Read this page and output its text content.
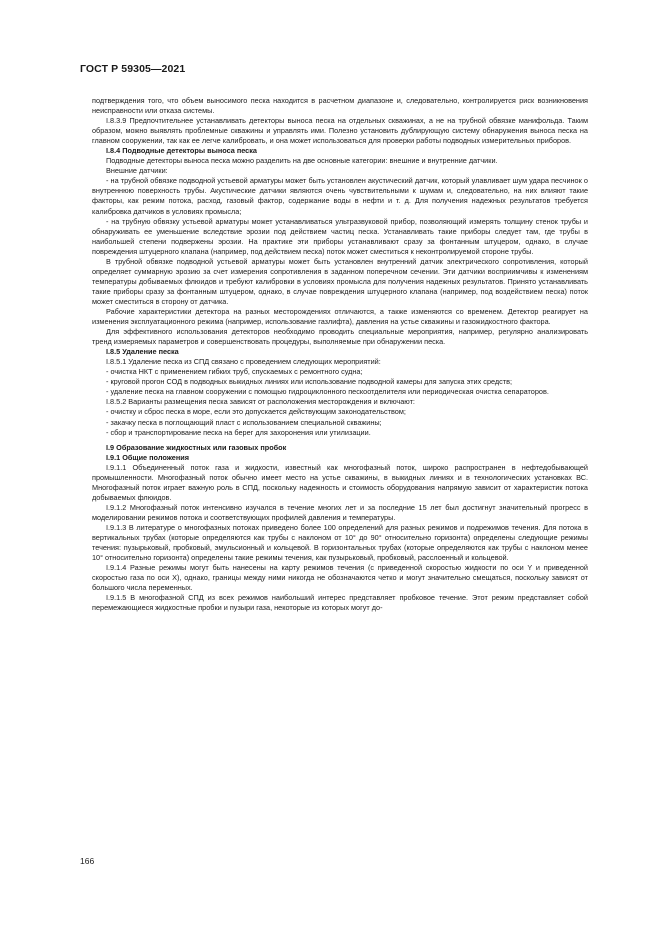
ГОСТ Р 59305—2021

подтверждения того, что объем выносимого песка находится в расчетном диапазоне и, следовательно, контролируется риск возникновения неисправности или отказа системы.

I.8.3.9 Предпочтительнее устанавливать детекторы выноса песка на отдельных скважинах, а не на трубной обвязке манифольда. Таким образом, можно выявлять проблемные скважины и управлять ими. Полезно установить дублирующую систему обнаружения выноса песка на главном сооружении, так как ее легче калибровать, и она может использоваться для проверки работы подводных измерительных приборов.

I.8.4 Подводные детекторы выноса песка

Подводные детекторы выноса песка можно разделить на две основные категории: внешние и внутренние датчики.

Внешние датчики:

- на трубной обвязке подводной устьевой арматуры может быть установлен акустический датчик, который улавливает шум удара песчинок о внутреннюю поверхность трубы. Акустические датчики являются очень чувствительными к шумам и, следовательно, на них влияют такие факторы, как режим потока, расход, газовый фактор, содержание воды в нефти и т. д. Для получения надежных результатов требуется калибровка датчиков в условиях промысла;

- на трубную обвязку устьевой арматуры может устанавливаться ультразвуковой прибор, позволяющий измерять толщину стенок трубы и обнаруживать ее уменьшение вследствие эрозии под действием частиц песка. Устанавливать такие приборы следует там, где трубы в наибольшей степени подвержены эрозии. На практике эти приборы устанавливают сразу за фонтанным штуцером, однако, в случае повреждения штуцерного клапана (например, под действием песка) поток может сместиться к неконтролируемой стороне трубы.

В трубной обвязке подводной устьевой арматуры может быть установлен внутренний датчик электрического сопротивления, который определяет суммарную эрозию за счет измерения сопротивления в заданном поперечном сечении. Эти датчики восприимчивы к изменениям температуры добываемых флюидов и требуют калибровки в условиях промысла для получения надежных результатов. Принято устанавливать такие приборы сразу за фонтанным штуцером, однако, в случае повреждения штуцерного клапана (например, под воздействием песка) поток может сместиться в сторону от датчика.

Рабочие характеристики детектора на разных месторождениях отличаются, а также изменяются со временем. Детектор реагирует на изменения эксплуатационного режима (например, использование газлифта), давления на устье скважины и газожидкостного фактора.

Для эффективного использования детекторов необходимо проводить специальные мероприятия, например, регулярно анализировать тренд измеряемых параметров и совершенствовать процедуры, выполняемые при обнаружении песка.

I.8.5 Удаление песка

I.8.5.1 Удаление песка из СПД связано с проведением следующих мероприятий:

- очистка НКТ с применением гибких труб, спускаемых с ремонтного судна;

- круговой прогон СОД в подводных выкидных линиях или использование подводной камеры для запуска этих средств;

- удаление песка на главном сооружении с помощью гидроциклонного пескоотделителя или периодическая очистка сепараторов.

I.8.5.2 Варианты размещения песка зависят от расположения месторождения и включают:

- очистку и сброс песка в море, если это допускается действующим законодательством;

- закачку песка в поглощающий пласт с использованием специальной скважины;

- сбор и транспортирование песка на берег для захоронения или утилизации.

I.9 Образование жидкостных или газовых пробок
I.9.1 Общие положения

I.9.1.1 Объединенный поток газа и жидкости, известный как многофазный поток, широко распространен в нефтедобывающей промышленности. Многофазный поток обычно имеет место на устье скважины, в выкидных линиях и в технологических установках ВС. Многофазный поток играет важную роль в СПД, поскольку надежность и стоимость оборудования напрямую зависит от характеристик потока добываемых флюидов.

I.9.1.2 Многофазный поток интенсивно изучался в течение многих лет и за последние 15 лет был достигнут значительный прогресс в моделировании режимов потока и соответствующих профилей давления и температуры.

I.9.1.3 В литературе о многофазных потоках приведено более 100 определений для разных режимов и подрежимов течения. Для потока в вертикальных трубах (которые определяются как трубы с наклоном от 10° до 90° относительно горизонта) определены следующие режимы течения: пузырьковый, пробковый, эмульсионный и кольцевой. В горизонтальных трубах (которые определяются как трубы с наклоном менее 10° относительно горизонта) определены такие режимы течения, как пузырьковый, пробковый, расслоенный и кольцевой.

I.9.1.4 Разные режимы могут быть нанесены на карту режимов течения (с приведенной скоростью жидкости по оси Y и приведенной скоростью газа по оси X), однако, границы между ними никогда не обозначаются четко и могут значительно смещаться, поскольку зависят от большого числа переменных.

I.9.1.5 В многофазной СПД из всех режимов наибольший интерес представляет пробковое течение. Этот режим представляет собой перемежающиеся жидкостные пробки и пузыри газа, некоторые из которых могут до-

166
